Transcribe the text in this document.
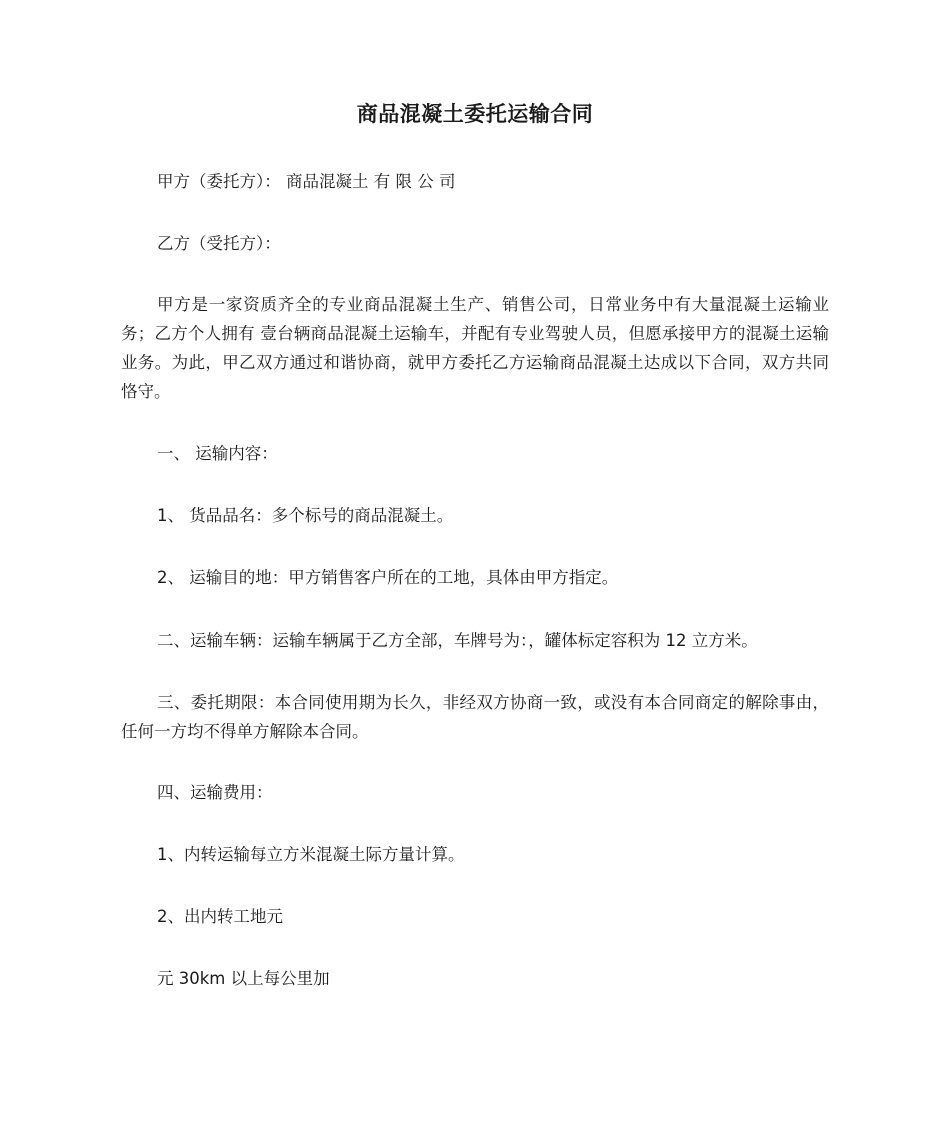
商品混凝土委托运输合同

甲方（委托方）： 商品混凝土 有 限 公 司

乙方（受托方）：

甲方是一家资质齐全的专业商品混凝土生产、销售公司，日常业务中有大量混凝土运输业务；乙方个人拥有 壹台辆商品混凝土运输车，并配有专业驾驶人员，但愿承接甲方的混凝土运输业务。为此，甲乙双方通过和谐协商，就甲方委托乙方运输商品混凝土达成以下合同，双方共同恪守。

一、 运输内容：

1、 货品品名：多个标号的商品混凝土。

2、 运输目的地：甲方销售客户所在的工地，具体由甲方指定。

二、运输车辆：运输车辆属于乙方全部，车牌号为：，罐体标定容积为 12 立方米。

三、委托期限：本合同使用期为长久，非经双方协商一致，或没有本合同商定的解除事由，任何一方均不得单方解除本合同。

四、运输费用：

1、内转运输每立方米混凝土际方量计算。

2、出内转工地元

元 30km 以上每公里加
